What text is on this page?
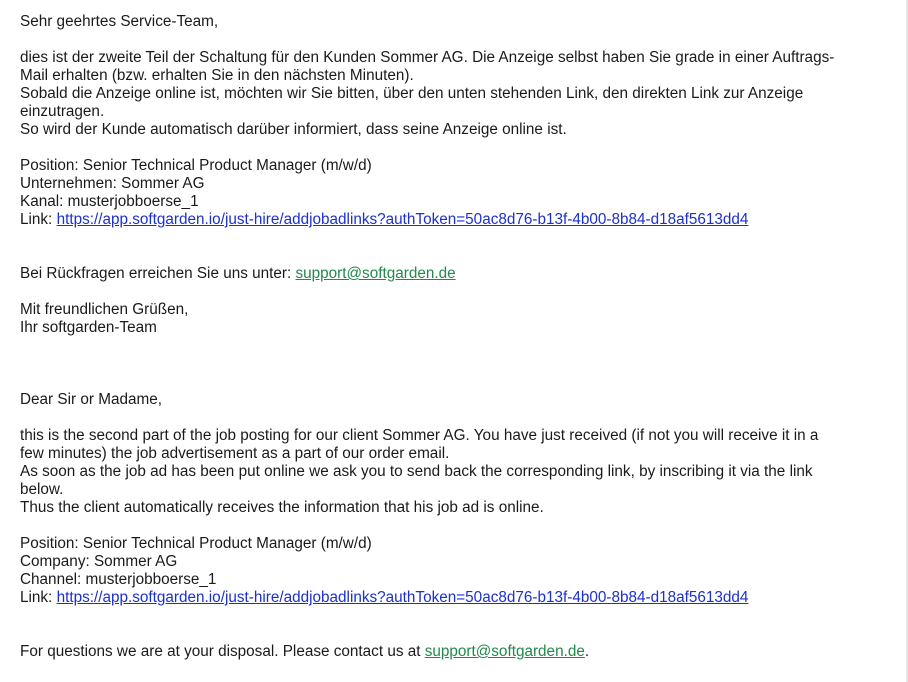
Sehr geehrtes Service-Team,
dies ist der zweite Teil der Schaltung für den Kunden Sommer AG. Die Anzeige selbst haben Sie grade in einer Auftrags-
Mail erhalten (bzw. erhalten Sie in den nächsten Minuten).
Sobald die Anzeige online ist, möchten wir Sie bitten, über den unten stehenden Link, den direkten Link zur Anzeige
einzutragen.
So wird der Kunde automatisch darüber informiert, dass seine Anzeige online ist.
Position: Senior Technical Product Manager (m/w/d)
Unternehmen: Sommer AG
Kanal: musterjobboerse_1
Link: https://app.softgarden.io/just-hire/addjobadlinks?authToken=50ac8d76-b13f-4b00-8b84-d18af5613dd4
Bei Rückfragen erreichen Sie uns unter: support@softgarden.de
Mit freundlichen Grüßen,
Ihr softgarden-Team
Dear Sir or Madame,
this is the second part of the job posting for our client Sommer AG. You have just received (if not you will receive it in a
few minutes) the job advertisement as a part of our order email.
As soon as the job ad has been put online we ask you to send back the corresponding link, by inscribing it via the link
below.
Thus the client automatically receives the information that his job ad is online.
Position: Senior Technical Product Manager (m/w/d)
Company: Sommer AG
Channel: musterjobboerse_1
Link: https://app.softgarden.io/just-hire/addjobadlinks?authToken=50ac8d76-b13f-4b00-8b84-d18af5613dd4
For questions we are at your disposal. Please contact us at support@softgarden.de.
